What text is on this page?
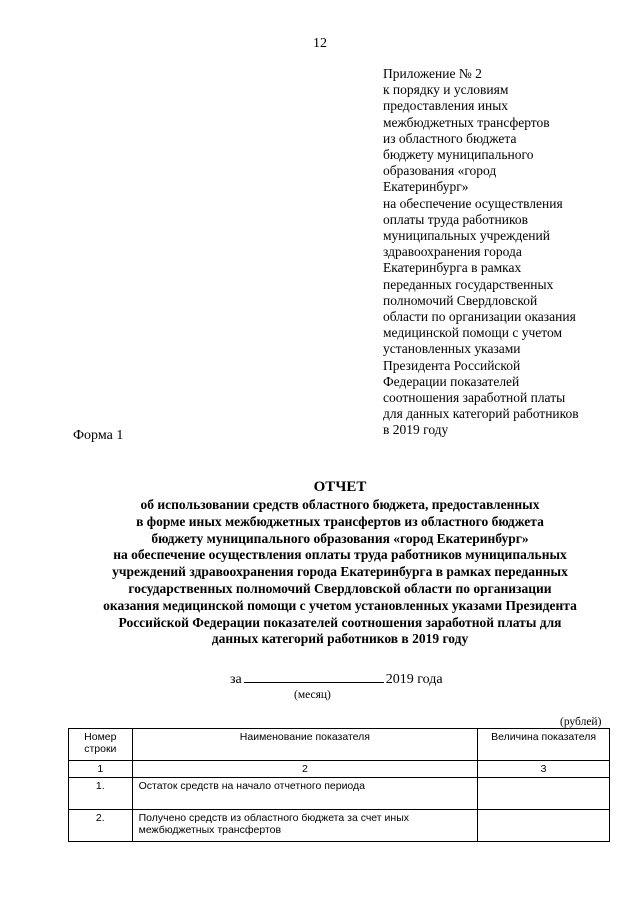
12
Приложение № 2
к порядку и условиям
предоставления иных
межбюджетных трансфертов
из областного бюджета
бюджету муниципального
образования «город
Екатеринбург»
на обеспечение осуществления
оплаты труда работников
муниципальных учреждений
здравоохранения города
Екатеринбурга в рамках
переданных государственных
полномочий Свердловской
области по организации оказания
медицинской помощи с учетом
установленных указами
Президента Российской
Федерации показателей
соотношения заработной платы
для данных категорий работников
в 2019 году
Форма 1
ОТЧЕТ
об использовании средств областного бюджета, предоставленных
в форме иных межбюджетных трансфертов из областного бюджета
бюджету муниципального образования «город Екатеринбург»
на обеспечение осуществления оплаты труда работников муниципальных
учреждений здравоохранения города Екатеринбурга в рамках переданных
государственных полномочий Свердловской области по организации
оказания медицинской помощи с учетом установленных указами Президента
Российской Федерации показателей соотношения заработной платы для
данных категорий работников в 2019 году
за	2019 года
(месяц)
(рублей)
Номер строки	Наименование показателя	Величина показателя
1	2	3
1.	Остаток средств на начало отчетного периода	
2.	Получено средств из областного бюджета за счет иных межбюджетных трансфертов	
